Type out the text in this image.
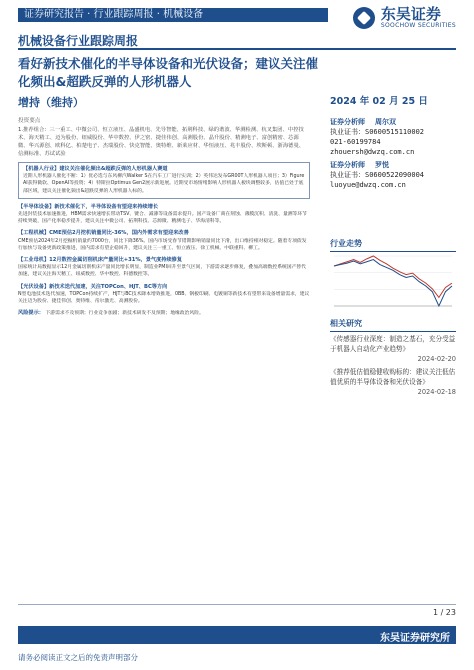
证券研究报告 · 行业跟踪周报 · 机械设备	东吴证券
SOOCHOW SECURITIES
机械设备行业跟踪周报
看好新技术催化的半导体设备和光伏设备；建议关注催化频出&超跌反弹的人形机器人
增持（维持）
投资要点
1.推荐组合：三一重工、中微公司、恒立液压、晶盛机电、先导智能、拓荆科技、绿的谐波、华测检测、杭叉集团、中控技术、海天精工、迈为股份、纽威股份、华中数控、伊之密、捷佳伟创、高测股份、晶升股份、精测电子、富创精密、芯源微、华兴源创、欧科亿、柏楚电子、杰瑞股份、快克智能、奥特维、新莱应材、华恒液压、兆丰股份、埃斯顿、浙海德曼、信测标准、苏试试验
【机器人行业】建议关注催化频出&超跌反弹的人形机器人赛道
近期人形机器人催化不断：1）优必选与东风柳汽Walker S在汽车工厂进行实训；2）英伟达发布GR00T人形机器人项目；3）Figure AI获得微软、OpenAI等投资；4）特斯拉Optimus Gen2展示新进展。近期受市场情绪影响人形机器人板块调整较多，估值已处于底部区域，建议关注催化频出&超跌反弹的人形机器人标的。
【半导体设备】新技术催化下，半导体设备有望迎来持续增长
先进封装技术加速推进，HBM需求快速增长带动TSV、键合、减薄等设备需求提升。国产设备厂商在刻蚀、薄膜沉积、清洗、量测等环节持续突破，国产化率稳步提升，建议关注中微公司、拓荆科技、芯源微、精测电子、华海清科等。
【工程机械】CME预估2月挖机销量同比-36%，国内外需求有望迎来改善
CME预估2024年2月挖掘机销量约7000台，同比下降36%。国内市场受春节错期影响销量同比下滑，出口维持相对稳定。随着专项债发行加快与设备更新政策推进，国内需求有望企稳回升，建议关注三一重工、恒立液压、徐工机械、中联重科、柳工。
【工业母机】12月数控金属切削机床产量同比+31%，景气度持续修复
国家统计局数据显示12月金属切削机床产量同比增长明显，制造业PMI回升至景气区间，下游需求逐步修复，叠加高端数控系统国产替代加速，建议关注海天精工、纽威数控、华中数控、科德数控等。
【光伏设备】新技术迭代加速，关注TOPCon、HJT、BC等方向
N型电池技术迭代加速，TOPCon持续扩产，HJT与BC技术降本增效推进，0BB、钢板印刷、电镀铜等新技术有望带来设备增量需求，建议关注迈为股份、捷佳伟创、奥特维、帝尔激光、高测股份。
风险提示： 下游需求不及预期；行业竞争加剧；新技术研发不及预期；地缘政治风险。
2024 年 02 月 25 日
证券分析师 周尔双
执业证书：S0600515110002
021-60199784
zhouersh@dwzq.com.cn
证券分析师 罗悦
执业证书：S0600522090004
luoyue@dwzq.com.cn
行业走势
相关研究
《传感器行业深度：制造之基石，充分受益于机器人自动化产业趋势》
2024-02-20
《推荐低估值稳健收购标的：建议关注低估值优质的半导体设备和光伏设备》
2024-02-18
1 / 23
东吴证券研究所
请务必阅读正文之后的免责声明部分
